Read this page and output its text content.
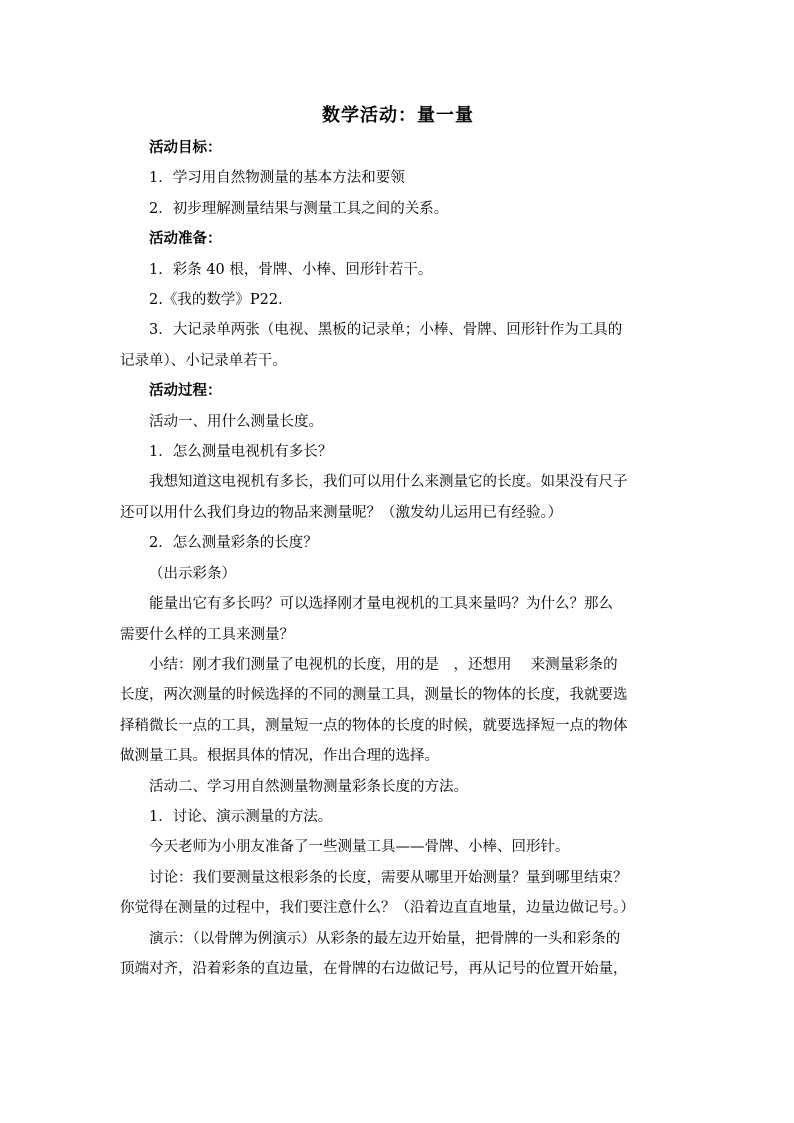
数学活动：量一量

活动目标：

1．学习用自然物测量的基本方法和要领

2．初步理解测量结果与测量工具之间的关系。

活动准备：

1．彩条 40 根，骨牌、小棒、回形针若干。

2.《我的数学》P22.

3．大记录单两张（电视、黑板的记录单；小棒、骨牌、回形针作为工具的

记录单）、小记录单若干。

活动过程：

活动一、用什么测量长度。

1．怎么测量电视机有多长？

我想知道这电视机有多长，我们可以用什么来测量它的长度。如果没有尺子

还可以用什么我们身边的物品来测量呢？（激发幼儿运用已有经验。）

2．怎么测量彩条的长度？

（出示彩条）

能量出它有多长吗？可以选择刚才量电视机的工具来量吗？为什么？那么

需要什么样的工具来测量？

小结：刚才我们测量了电视机的长度，用的是　，还想用　 来测量彩条的

长度，两次测量的时候选择的不同的测量工具，测量长的物体的长度，我就要选

择稍微长一点的工具，测量短一点的物体的长度的时候，就要选择短一点的物体

做测量工具。根据具体的情况，作出合理的选择。

活动二、学习用自然测量物测量彩条长度的方法。

1．讨论、演示测量的方法。

今天老师为小朋友准备了一些测量工具——骨牌、小棒、回形针。

讨论：我们要测量这根彩条的长度，需要从哪里开始测量？量到哪里结束？

你觉得在测量的过程中，我们要注意什么？（沿着边直直地量，边量边做记号。）

演示：（以骨牌为例演示）从彩条的最左边开始量，把骨牌的一头和彩条的

顶端对齐，沿着彩条的直边量，在骨牌的右边做记号，再从记号的位置开始量，
